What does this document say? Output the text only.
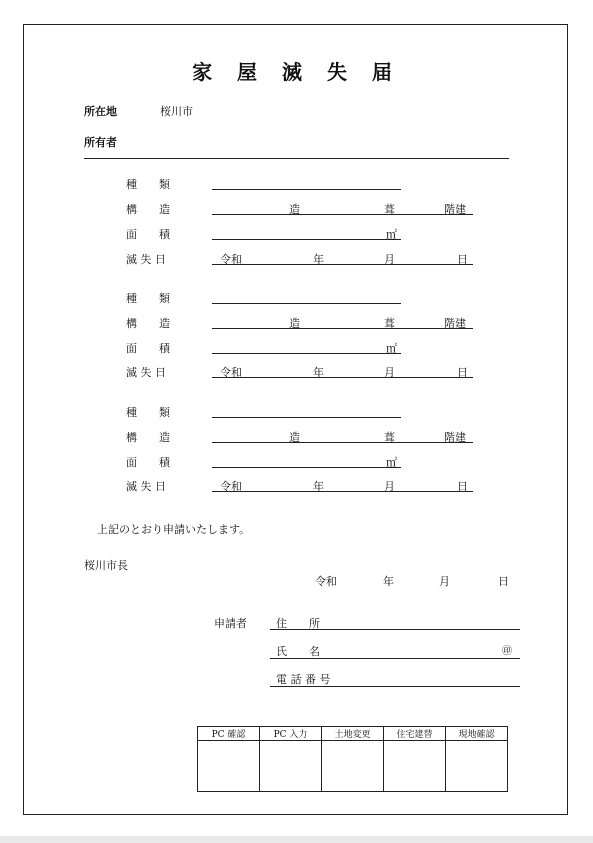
家 屋 滅 失 届
所在地	桜川市
所有者
種　　類
構　　造	造	葺	階建
面　　積	㎡
滅 失 日	令和	年	月	日
種　　類
構　　造	造	葺	階建
面　　積	㎡
滅 失 日	令和	年	月	日
種　　類
構　　造	造	葺	階建
面　　積	㎡
滅 失 日	令和	年	月	日
上記のとおり申請いたします。
桜川市長
令和	年	月	日
申請者	住　　所
氏　　名	㊞
電 話 番 号
PC 確認	PC 入力	土地変更	住宅建替	現地確認
